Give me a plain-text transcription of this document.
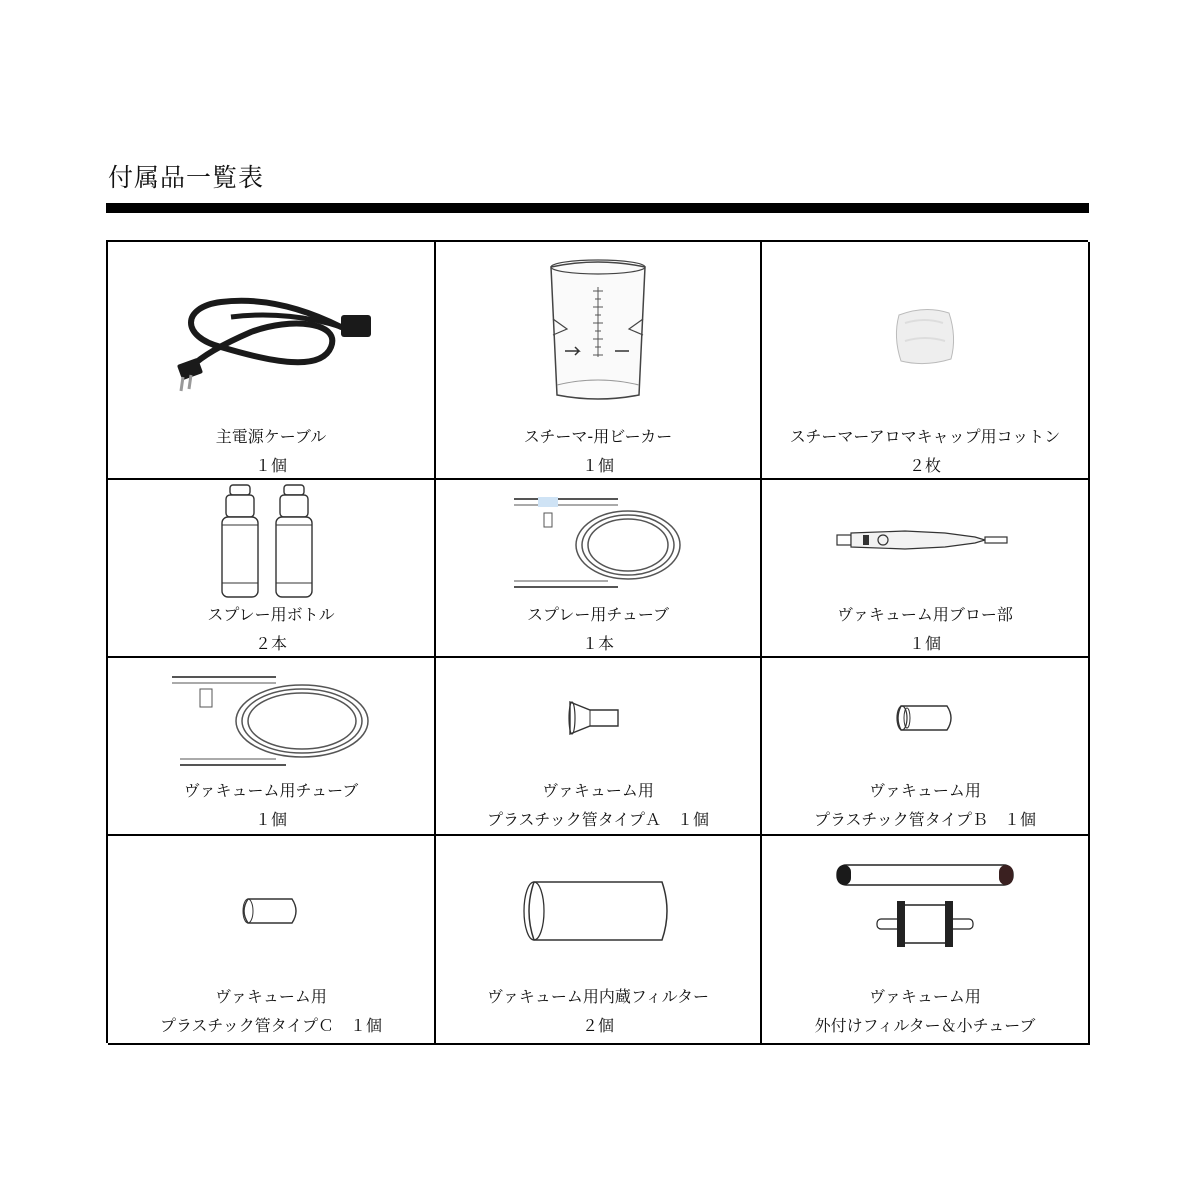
付属品一覧表
主電源ケーブル
１個
スチーマ-用ビーカー
１個
スチーマーアロマキャップ用コットン
２枚
スプレー用ボトル
２本
スプレー用チューブ
１本
ヴァキューム用ブロー部
１個
ヴァキューム用チューブ
１個
ヴァキューム用
プラスチック管タイプＡ　１個
ヴァキューム用
プラスチック管タイプＢ　１個
ヴァキューム用
プラスチック管タイプＣ　１個
ヴァキューム用内蔵フィルター
２個
ヴァキューム用
外付けフィルター＆小チューブ
